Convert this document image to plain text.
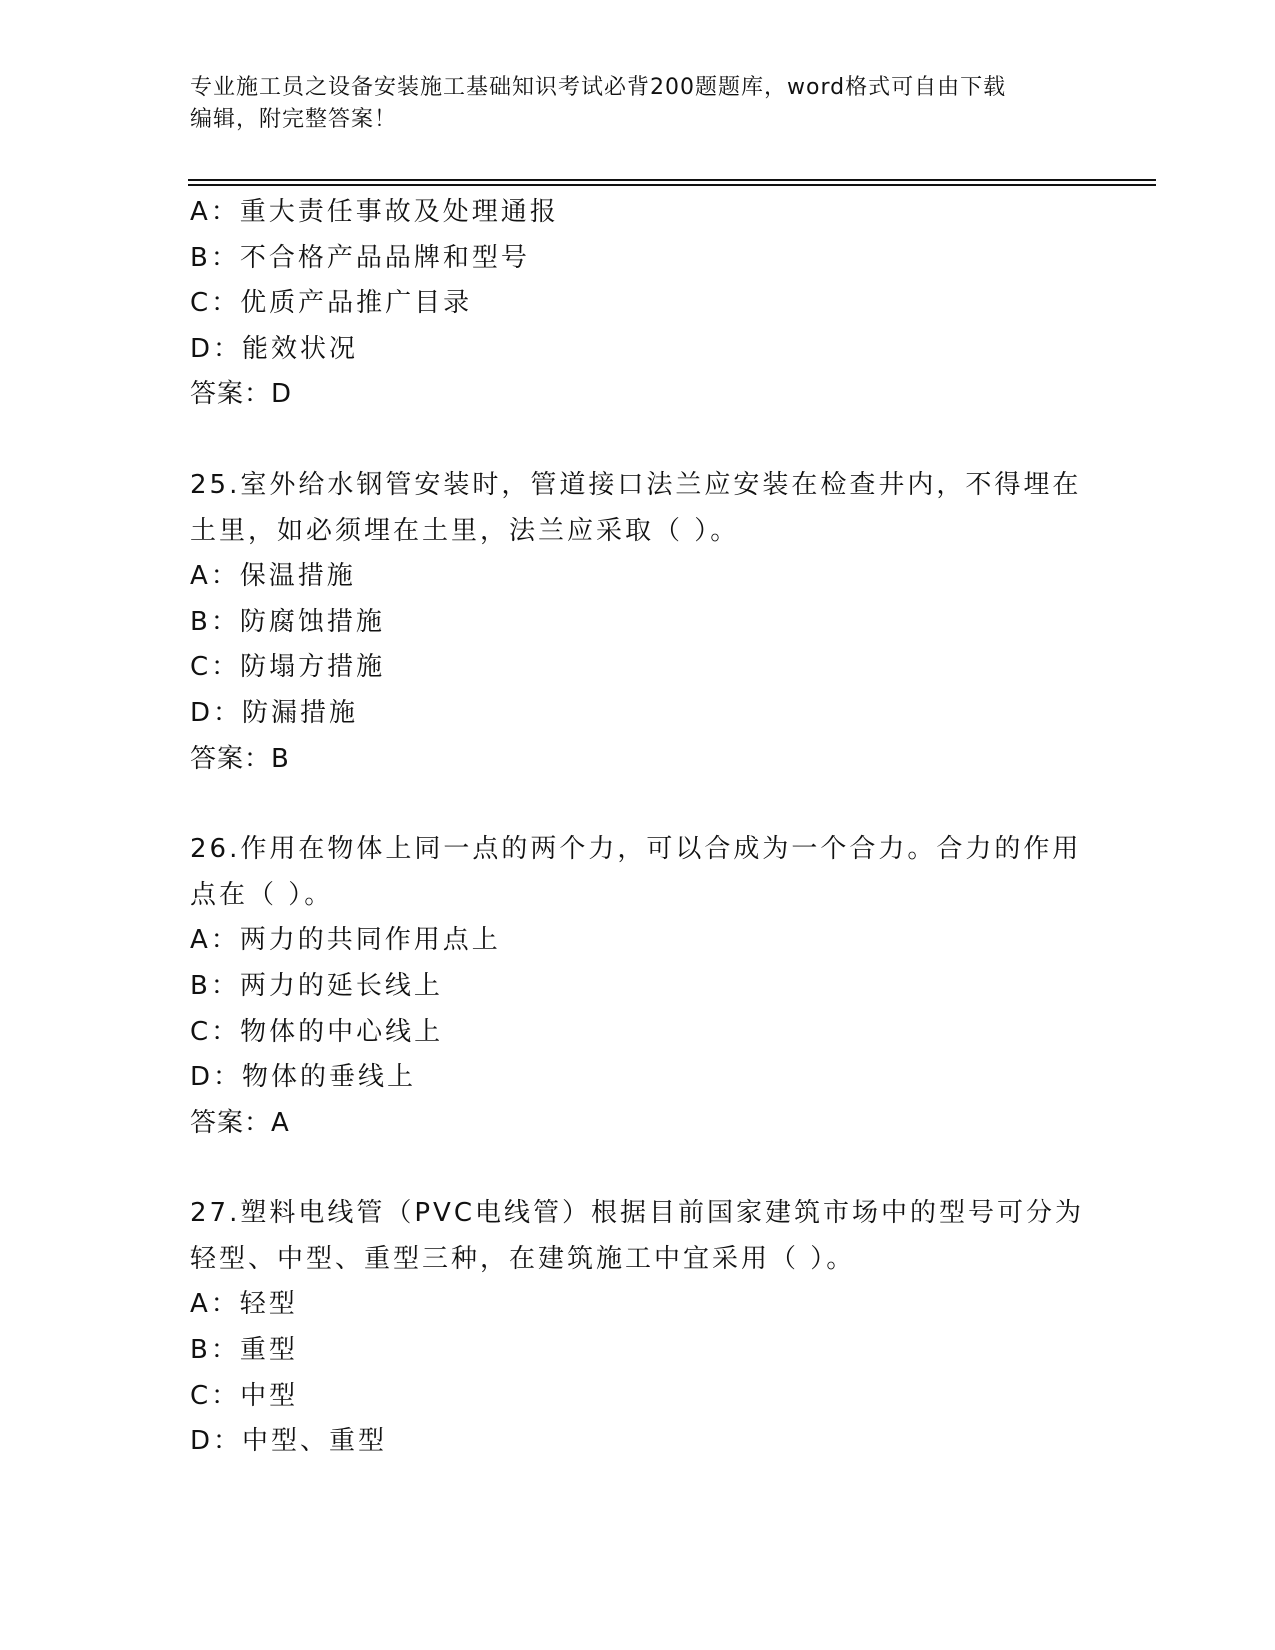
专业施工员之设备安装施工基础知识考试必背200题题库，word格式可自由下载
编辑，附完整答案！
A：重大责任事故及处理通报
B：不合格产品品牌和型号
C：优质产品推广目录
D：能效状况
答案：D
25.室外给水钢管安装时，管道接口法兰应安装在检查井内，不得埋在
土里，如必须埋在土里，法兰应采取（ ）。
A：保温措施
B：防腐蚀措施
C：防塌方措施
D：防漏措施
答案：B
26.作用在物体上同一点的两个力，可以合成为一个合力。合力的作用
点在（ ）。
A：两力的共同作用点上
B：两力的延长线上
C：物体的中心线上
D：物体的垂线上
答案：A
27.塑料电线管（PVC电线管）根据目前国家建筑市场中的型号可分为
轻型、中型、重型三种，在建筑施工中宜采用（ ）。
A：轻型
B：重型
C：中型
D：中型、重型
